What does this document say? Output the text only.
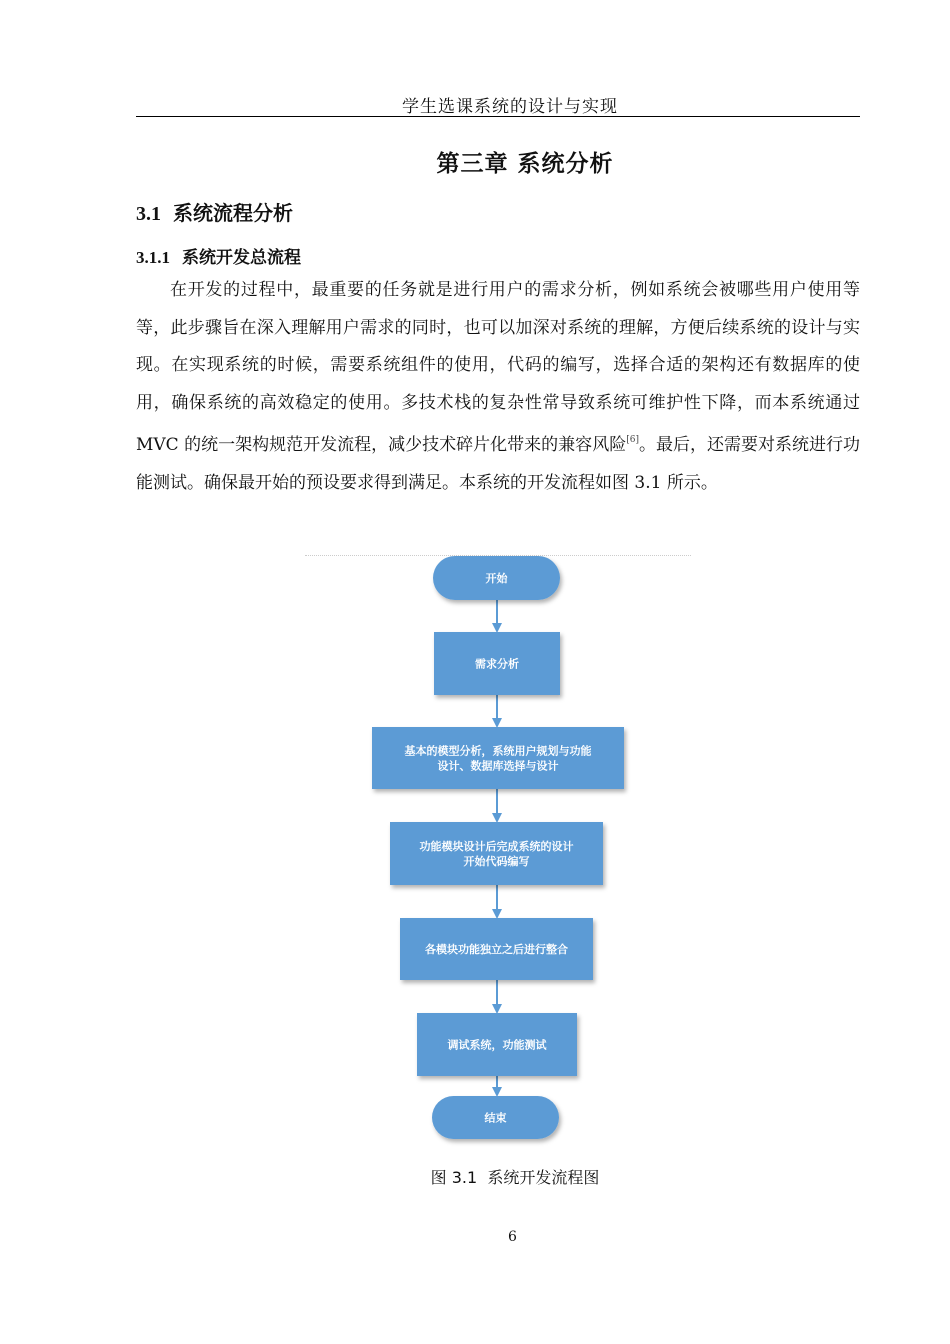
学生选课系统的设计与实现
第三章 系统分析
3.1 系统流程分析
3.1.1 系统开发总流程

在开发的过程中，最重要的任务就是进行用户的需求分析，例如系统会被哪些用户使用等等，此步骤旨在深入理解用户需求的同时，也可以加深对系统的理解，方便后续系统的设计与实现。在实现系统的时候，需要系统组件的使用，代码的编写，选择合适的架构还有数据库的使用，确保系统的高效稳定的使用。多技术栈的复杂性常导致系统可维护性下降，而本系统通过 MVC 的统一架构规范开发流程，减少技术碎片化带来的兼容风险[6]。最后，还需要对系统进行功能测试。确保最开始的预设要求得到满足。本系统的开发流程如图 3.1 所示。

开始
需求分析
基本的模型分析，系统用户规划与功能
设计、数据库选择与设计
功能模块设计后完成系统的设计
开始代码编写
各模块功能独立之后进行整合
调试系统，功能测试
结束
图 3.1 系统开发流程图
6
